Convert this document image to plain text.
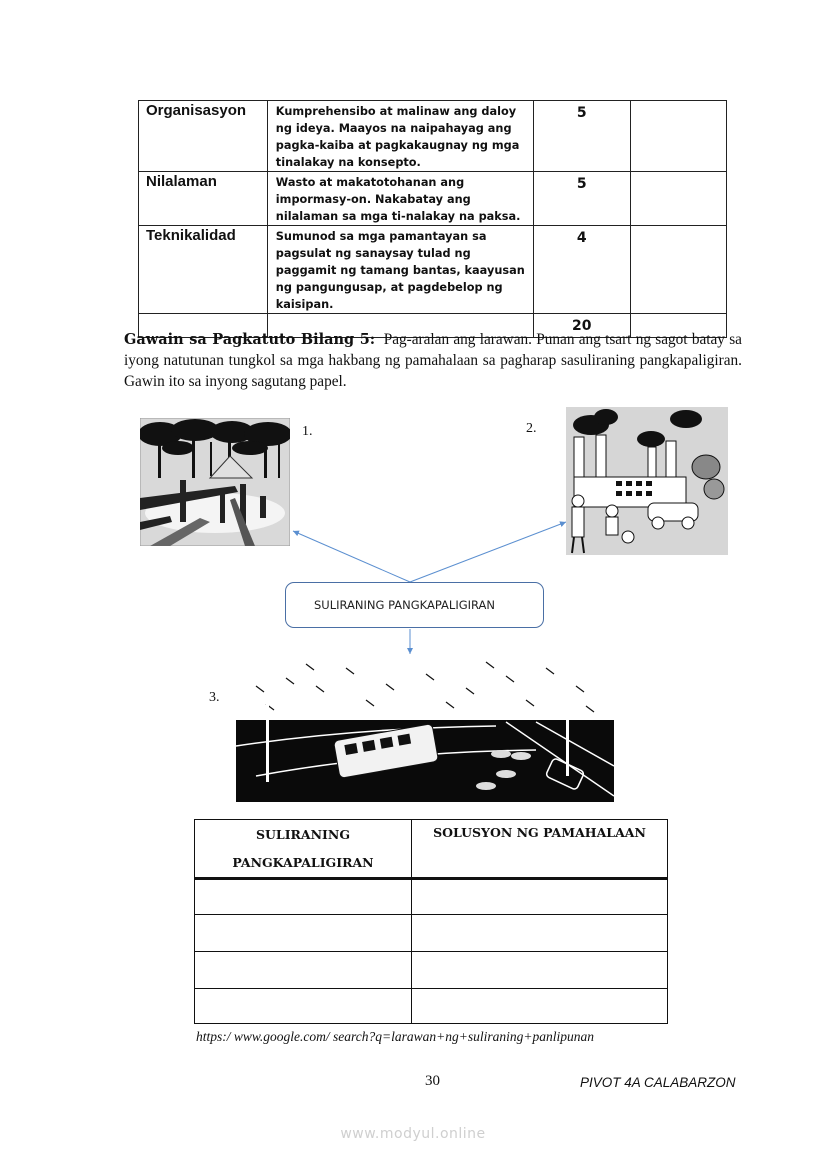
Organisasyon	Kumprehensibo at malinaw ang daloy ng ideya. Maayos na naipahayag ang pagka-kaiba at pagkakaugnay ng mga tinalakay na konsepto.	5	
Nilalaman	Wasto at makatotohanan ang impormasy-on. Nakabatay ang nilalaman sa mga ti-nalakay na paksa.	5	
Teknikalidad	Sumunod sa mga pamantayan sa pagsulat ng sanaysay tulad ng paggamit ng tamang bantas, kaayusan ng pangungusap, at pagdebelop ng kaisipan.	4	
		20	
Gawain sa Pagkatuto Bilang 5: Pag-aralan ang larawan. Punan ang tsart ng sagot batay sa iyong natutunan tungkol sa mga hakbang ng pamahalaan sa pagharap sasuliraning pangkapaligiran. Gawin ito sa inyong sagutang papel.
1.	2.
SULIRANING PANGKAPALIGIRAN
3.
SULIRANING PANGKAPALIGIRAN	SOLUSYON NG PAMAHALAAN

https:/ www.google.com/ search?q=larawan+ng+suliraning+panlipunan
30	PIVOT 4A CALABARZON
www.modyul.online
